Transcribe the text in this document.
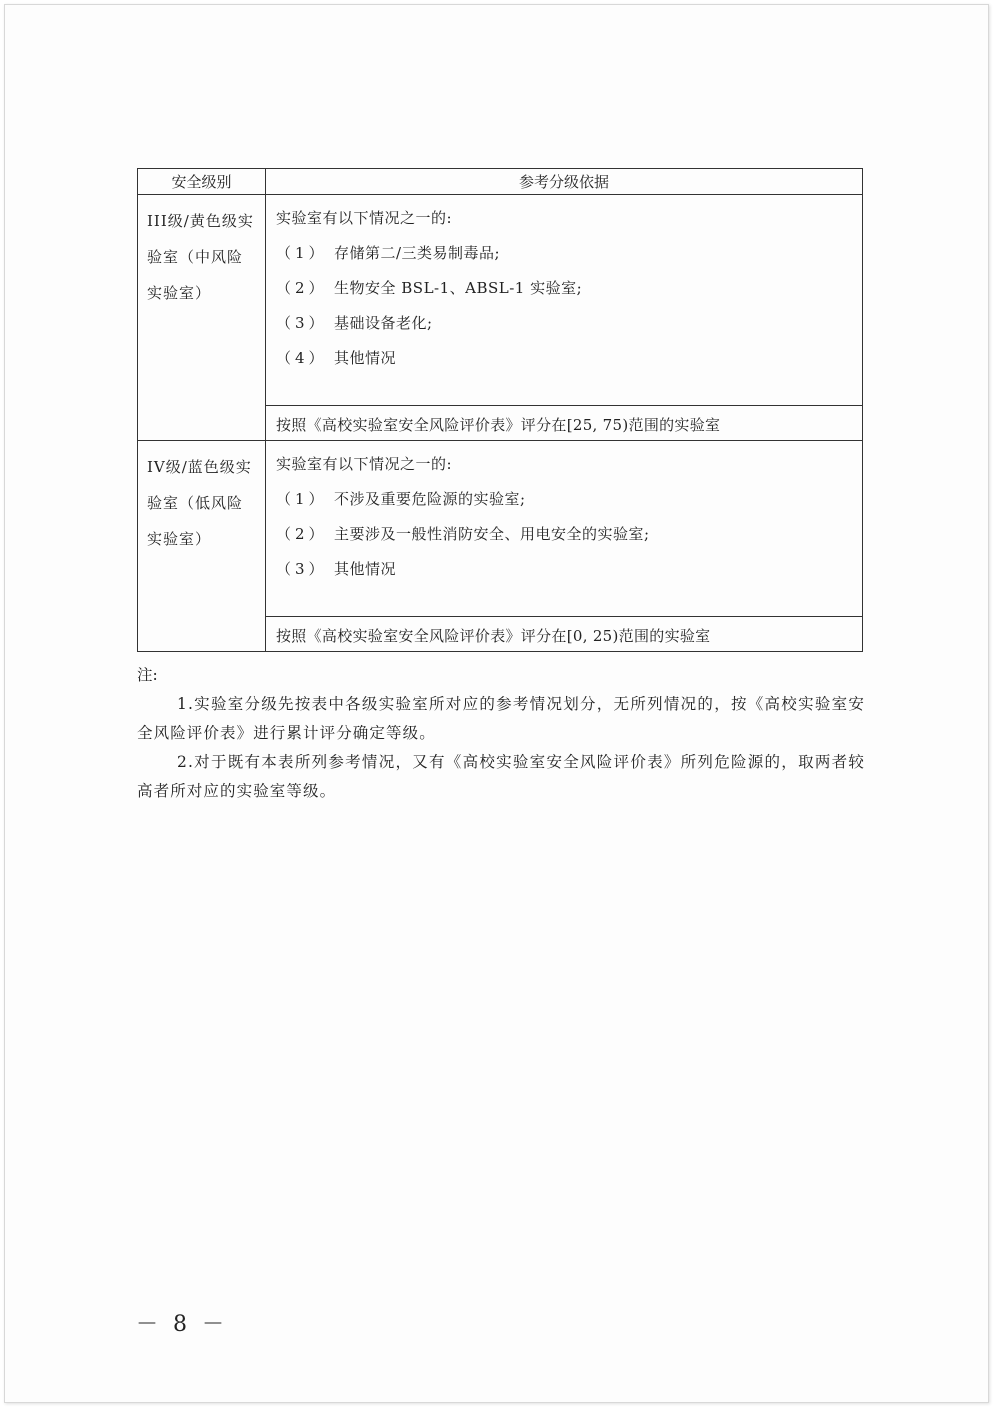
安全级别	参考分级依据

III级/黄色级实
验室（中风险
实验室）	实验室有以下情况之一的:
（1） 存储第二/三类易制毒品;
（2） 生物安全 BSL-1、ABSL-1 实验室;
（3） 基础设备老化;
（4） 其他情况

	按照《高校实验室安全风险评价表》评分在[25, 75)范围的实验室

IV级/蓝色级实
验室（低风险
实验室）	实验室有以下情况之一的:
（1） 不涉及重要危险源的实验室;
（2） 主要涉及一般性消防安全、用电安全的实验室;
（3） 其他情况

	按照《高校实验室安全风险评价表》评分在[0, 25)范围的实验室
注:
1.实验室分级先按表中各级实验室所对应的参考情况划分，无所列情况的，按《高校实验室安全风险评价表》进行累计评分确定等级。
2.对于既有本表所列参考情况，又有《高校实验室安全风险评价表》所列危险源的，取两者较高者所对应的实验室等级。
－ 8 －
